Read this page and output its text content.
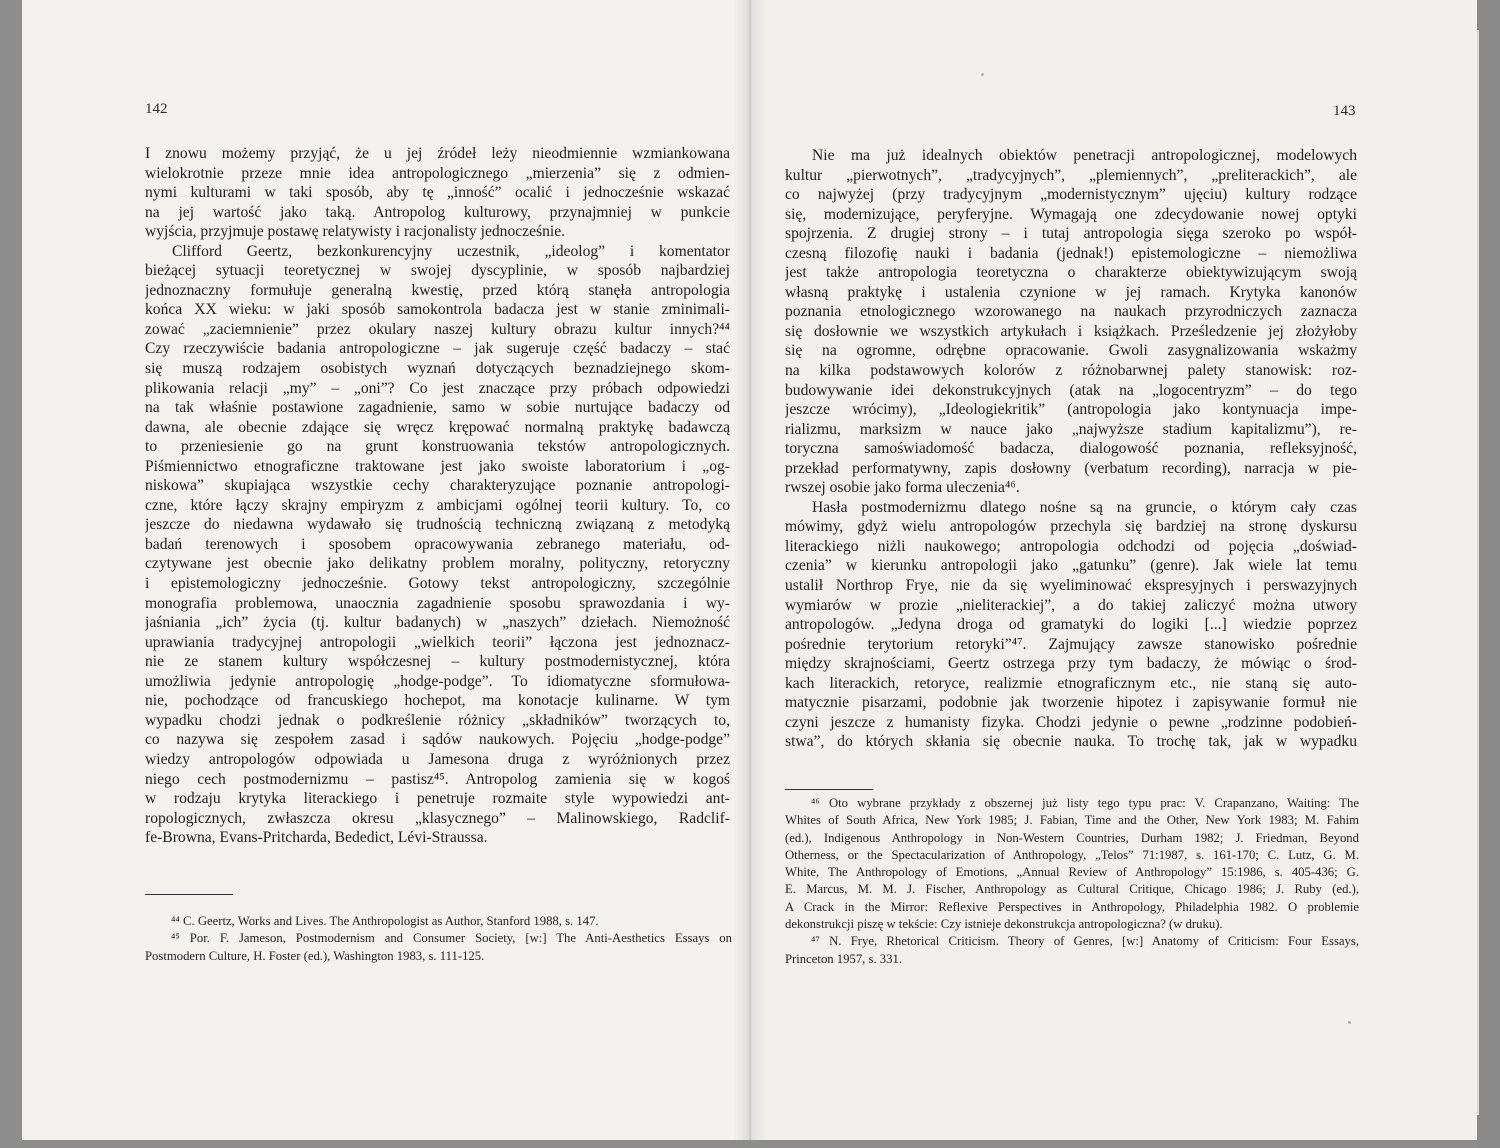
142
I znowu możemy przyjąć, że u jej źródeł leży nieodmiennie wzmiankowana
wielokrotnie przeze mnie idea antropologicznego „mierzenia” się z odmien-
nymi kulturami w taki sposób, aby tę „inność” ocalić i jednocześnie wskazać
na jej wartość jako taką. Antropolog kulturowy, przynajmniej w punkcie
wyjścia, przyjmuje postawę relatywisty i racjonalisty jednocześnie.
Clifford Geertz, bezkonkurencyjny uczestnik, „ideolog” i komentator
bieżącej sytuacji teoretycznej w swojej dyscyplinie, w sposób najbardziej
jednoznaczny formułuje generalną kwestię, przed którą stanęła antropologia
końca XX wieku: w jaki sposób samokontrola badacza jest w stanie zminimali-
zować „zaciemnienie” przez okulary naszej kultury obrazu kultur innych?⁴⁴
Czy rzeczywiście badania antropologiczne – jak sugeruje część badaczy – stać
się muszą rodzajem osobistych wyznań dotyczących beznadziejnego skom-
plikowania relacji „my” – „oni”? Co jest znaczące przy próbach odpowiedzi
na tak właśnie postawione zagadnienie, samo w sobie nurtujące badaczy od
dawna, ale obecnie zdające się wręcz krępować normalną praktykę badawczą
to przeniesienie go na grunt konstruowania tekstów antropologicznych.
Piśmiennictwo etnograficzne traktowane jest jako swoiste laboratorium i „og-
niskowa” skupiająca wszystkie cechy charakteryzujące poznanie antropologi-
czne, które łączy skrajny empiryzm z ambicjami ogólnej teorii kultury. To, co
jeszcze do niedawna wydawało się trudnością techniczną związaną z metodyką
badań terenowych i sposobem opracowywania zebranego materiału, od-
czytywane jest obecnie jako delikatny problem moralny, polityczny, retoryczny
i epistemologiczny jednocześnie. Gotowy tekst antropologiczny, szczególnie
monografia problemowa, unaocznia zagadnienie sposobu sprawozdania i wy-
jaśniania „ich” życia (tj. kultur badanych) w „naszych” dziełach. Niemożność
uprawiania tradycyjnej antropologii „wielkich teorii” łączona jest jednoznacz-
nie ze stanem kultury współczesnej – kultury postmodernistycznej, która
umożliwia jedynie antropologię „hodge-podge”. To idiomatyczne sformułowa-
nie, pochodzące od francuskiego hochepot, ma konotacje kulinarne. W tym
wypadku chodzi jednak o podkreślenie różnicy „składników” tworzących to,
co nazywa się zespołem zasad i sądów naukowych. Pojęciu „hodge-podge”
wiedzy antropologów odpowiada u Jamesona druga z wyróżnionych przez
niego cech postmodernizmu – pastisz⁴⁵. Antropolog zamienia się w kogoś
w rodzaju krytyka literackiego i penetruje rozmaite style wypowiedzi ant-
ropologicznych, zwłaszcza okresu „klasycznego” – Malinowskiego, Radclif-
fe-Browna, Evans-Pritcharda, Bededict, Lévi-Straussa.
⁴⁴ C. Geertz, Works and Lives. The Anthropologist as Author, Stanford 1988, s. 147.
⁴⁵ Por. F. Jameson, Postmodernism and Consumer Society, [w:] The Anti-Aesthetics Essays on
Postmodern Culture, H. Foster (ed.), Washington 1983, s. 111-125.
143
Nie ma już idealnych obiektów penetracji antropologicznej, modelowych
kultur „pierwotnych”, „tradycyjnych”, „plemiennych”, „preliterackich”, ale
co najwyżej (przy tradycyjnym „modernistycznym” ujęciu) kultury rodzące
się, modernizujące, peryferyjne. Wymagają one zdecydowanie nowej optyki
spojrzenia. Z drugiej strony – i tutaj antropologia sięga szeroko po współ-
czesną filozofię nauki i badania (jednak!) epistemologiczne – niemożliwa
jest także antropologia teoretyczna o charakterze obiektywizującym swoją
własną praktykę i ustalenia czynione w jej ramach. Krytyka kanonów
poznania etnologicznego wzorowanego na naukach przyrodniczych zaznacza
się dosłownie we wszystkich artykułach i książkach. Prześledzenie jej złożyłoby
się na ogromne, odrębne opracowanie. Gwoli zasygnalizowania wskażmy
na kilka podstawowych kolorów z różnobarwnej palety stanowisk: roz-
budowywanie idei dekonstrukcyjnych (atak na „logocentryzm” – do tego
jeszcze wrócimy), „Ideologiekritik” (antropologia jako kontynuacja impe-
rializmu, marksizm w nauce jako „najwyższe stadium kapitalizmu”), re-
toryczna samoświadomość badacza, dialogowość poznania, refleksyjność,
przekład performatywny, zapis dosłowny (verbatum recording), narracja w pie-
rwszej osobie jako forma uleczenia⁴⁶.
Hasła postmodernizmu dlatego nośne są na gruncie, o którym cały czas
mówimy, gdyż wielu antropologów przechyla się bardziej na stronę dyskursu
literackiego niżli naukowego; antropologia odchodzi od pojęcia „doświad-
czenia” w kierunku antropologii jako „gatunku” (genre). Jak wiele lat temu
ustalił Northrop Frye, nie da się wyeliminować ekspresyjnych i perswazyjnych
wymiarów w prozie „nieliterackiej”, a do takiej zaliczyć można utwory
antropologów. „Jedyna droga od gramatyki do logiki [...] wiedzie poprzez
pośrednie terytorium retoryki”⁴⁷. Zajmujący zawsze stanowisko pośrednie
między skrajnościami, Geertz ostrzega przy tym badaczy, że mówiąc o środ-
kach literackich, retoryce, realizmie etnograficznym etc., nie staną się auto-
matycznie pisarzami, podobnie jak tworzenie hipotez i zapisywanie formuł nie
czyni jeszcze z humanisty fizyka. Chodzi jedynie o pewne „rodzinne podobień-
stwa”, do których skłania się obecnie nauka. To trochę tak, jak w wypadku
⁴⁶ Oto wybrane przykłady z obszernej już listy tego typu prac: V. Crapanzano, Waiting: The
Whites of South Africa, New York 1985; J. Fabian, Time and the Other, New York 1983; M. Fahim
(ed.), Indigenous Anthropology in Non-Western Countries, Durham 1982; J. Friedman, Beyond
Otherness, or the Spectacularization of Anthropology, „Telos” 71:1987, s. 161-170; C. Lutz, G. M.
White, The Anthropology of Emotions, „Annual Review of Anthropology” 15:1986, s. 405-436; G.
E. Marcus, M. M. J. Fischer, Anthropology as Cultural Critique, Chicago 1986; J. Ruby (ed.),
A Crack in the Mirror: Reflexive Perspectives in Anthropology, Philadelphia 1982. O problemie
dekonstrukcji piszę w tekście: Czy istnieje dekonstrukcja antropologiczna? (w druku).
⁴⁷ N. Frye, Rhetorical Criticism. Theory of Genres, [w:] Anatomy of Criticism: Four Essays,
Princeton 1957, s. 331.
